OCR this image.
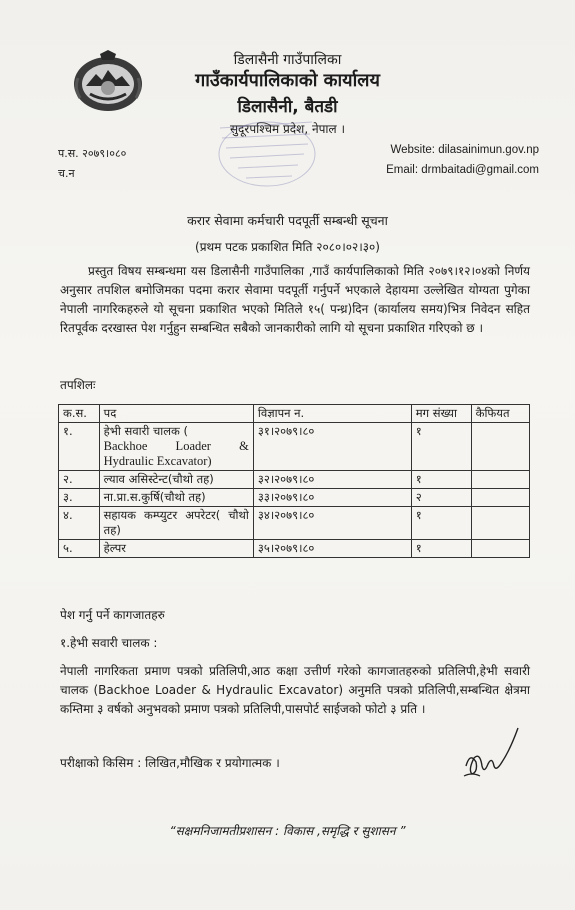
डिलासैनी गाउँपालिका
गाउँकार्यपालिकाको कार्यालय
डिलासैनी, बैतडी
सुदूरपश्चिम प्रदेश, नेपाल ।
प.स. २०७९।०८०
च.न
Website: dilasainimun.gov.np
Email: drmbaitadi@gmail.com
करार सेवामा कर्मचारी पदपूर्ती सम्बन्धी सूचना
(प्रथम पटक प्रकाशित मिति २०८०।०२।३०)
प्रस्तुत विषय सम्बन्धमा यस डिलासैनी गाउँपालिका ,गाउँ कार्यपालिकाको मिति २०७९।१२।०४को निर्णय अनुसार तपशिल बमोजिमका पदमा करार सेवामा पदपूर्ती गर्नुपर्ने भएकाले देहायमा उल्लेखित योग्यता पुगेका नेपाली नागरिकहरुले यो सूचना प्रकाशित भएको मितिले १५( पन्ध्र)दिन (कार्यालय समय)भित्र निवेदन सहित रितपूर्वक दरखास्त पेश गर्नुहुन सम्बन्धित सबैको जानकारीको लागि यो सूचना प्रकाशित गरिएको छ ।
तपशिलः
क.स.	पद	विज्ञापन न.	मग संख्या	कैफियत
१.	हेभी सवारी चालक (
Backhoe Loader & Hydraulic Excavator)	३१।२०७९।८०	१	
२.	ल्याव असिस्टेन्ट(चौथो तह)	३२।२०७९।८०	१	
३.	ना.प्रा.स.कुर्षि(चौथो तह)	३३।२०७९।८०	२	
४.	सहायक कम्प्युटर अपरेटर( चौथो तह)	३४।२०७९।८०	१	
५.	हेल्पर	३५।२०७९।८०	१	
पेश गर्नु पर्ने कागजातहरु
१.हेभी सवारी चालक :
नेपाली नागरिकता प्रमाण पत्रको प्रतिलिपी,आठ कक्षा उत्तीर्ण गरेको कागजातहरुको प्रतिलिपी,हेभी सवारी चालक (Backhoe Loader & Hydraulic Excavator) अनुमति पत्रको प्रतिलिपी,सम्बन्धित क्षेत्रमा कम्तिमा ३ वर्षको अनुभवको प्रमाण पत्रको प्रतिलिपी,पासपोर्ट साईजको फोटो ३ प्रति ।
परीक्षाको किसिम : लिखित,मौखिक र प्रयोगात्मक ।
“सक्षमनिजामतीप्रशासन : विकास ,समृद्धि र सुशासन ”
